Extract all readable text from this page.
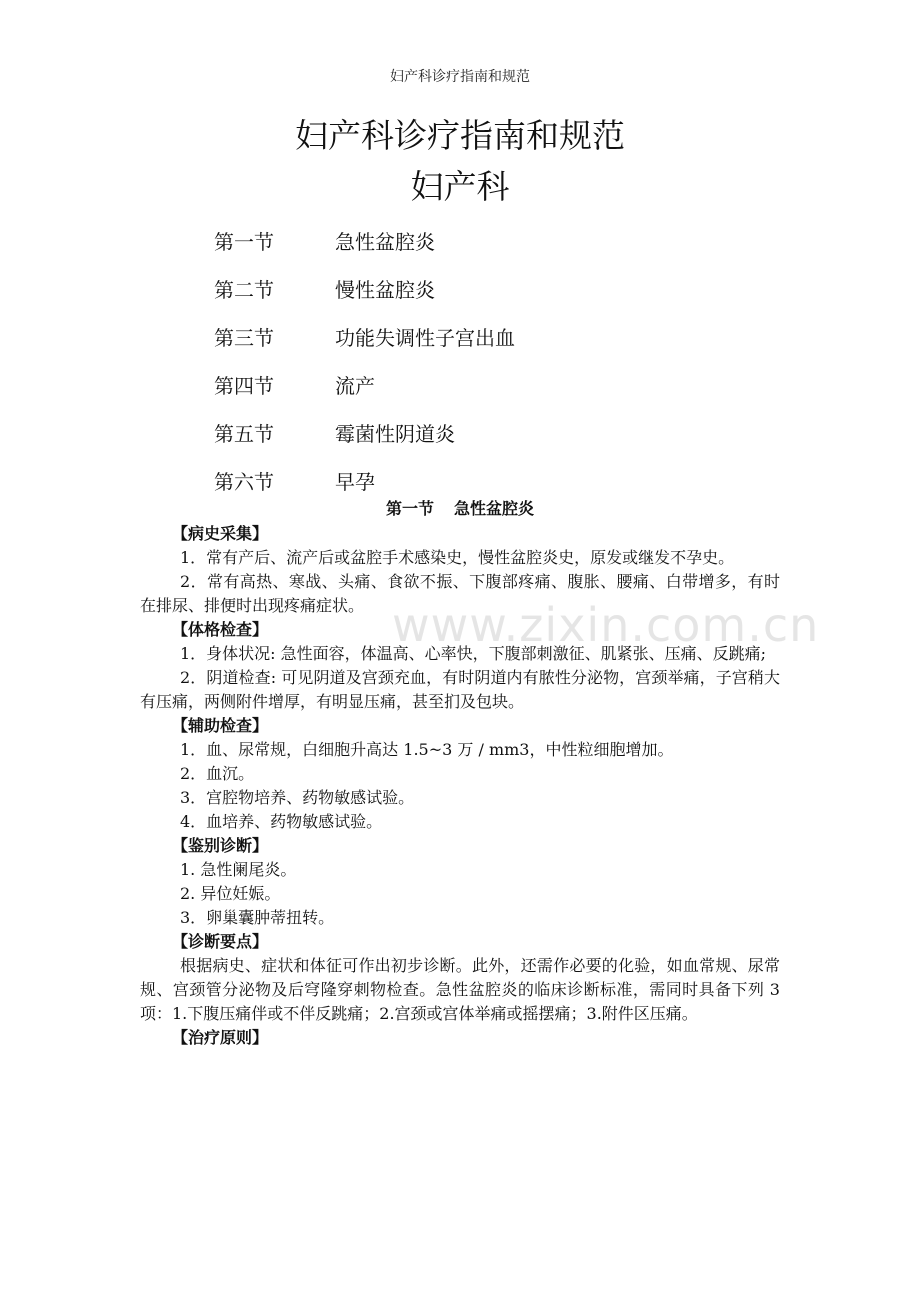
妇产科诊疗指南和规范
妇产科诊疗指南和规范
妇产科
第一节	急性盆腔炎
第二节	慢性盆腔炎
第三节	功能失调性子宫出血
第四节	流产
第五节	霉菌性阴道炎
第六节	早孕
第一节 急性盆腔炎
www.zixin.com.cn

【病史采集】

1．常有产后、流产后或盆腔手术感染史，慢性盆腔炎史，原发或继发不孕史。

2．常有高热、寒战、头痛、食欲不振、下腹部疼痛、腹胀、腰痛、白带增多，有时在排尿、排便时出现疼痛症状。

【体格检查】

1．身体状况: 急性面容，体温高、心率快，下腹部刺激征、肌紧张、压痛、反跳痛;

2．阴道检查: 可见阴道及宫颈充血，有时阴道内有脓性分泌物，宫颈举痛，子宫稍大有压痛，两侧附件增厚，有明显压痛，甚至扪及包块。

【辅助检查】

1．血、尿常规，白细胞升高达 1.5~3 万 / mm3，中性粒细胞增加。

2．血沉。

3．宫腔物培养、药物敏感试验。

4．血培养、药物敏感试验。

【鉴别诊断】

1. 急性阑尾炎。

2. 异位妊娠。

3．卵巢囊肿蒂扭转。

【诊断要点】

根据病史、症状和体征可作出初步诊断。此外，还需作必要的化验，如血常规、尿常规、宫颈管分泌物及后穹隆穿刺物检查。急性盆腔炎的临床诊断标准，需同时具备下列 3 项：1.下腹压痛伴或不伴反跳痛；2.宫颈或宫体举痛或摇摆痛；3.附件区压痛。

【治疗原则】
